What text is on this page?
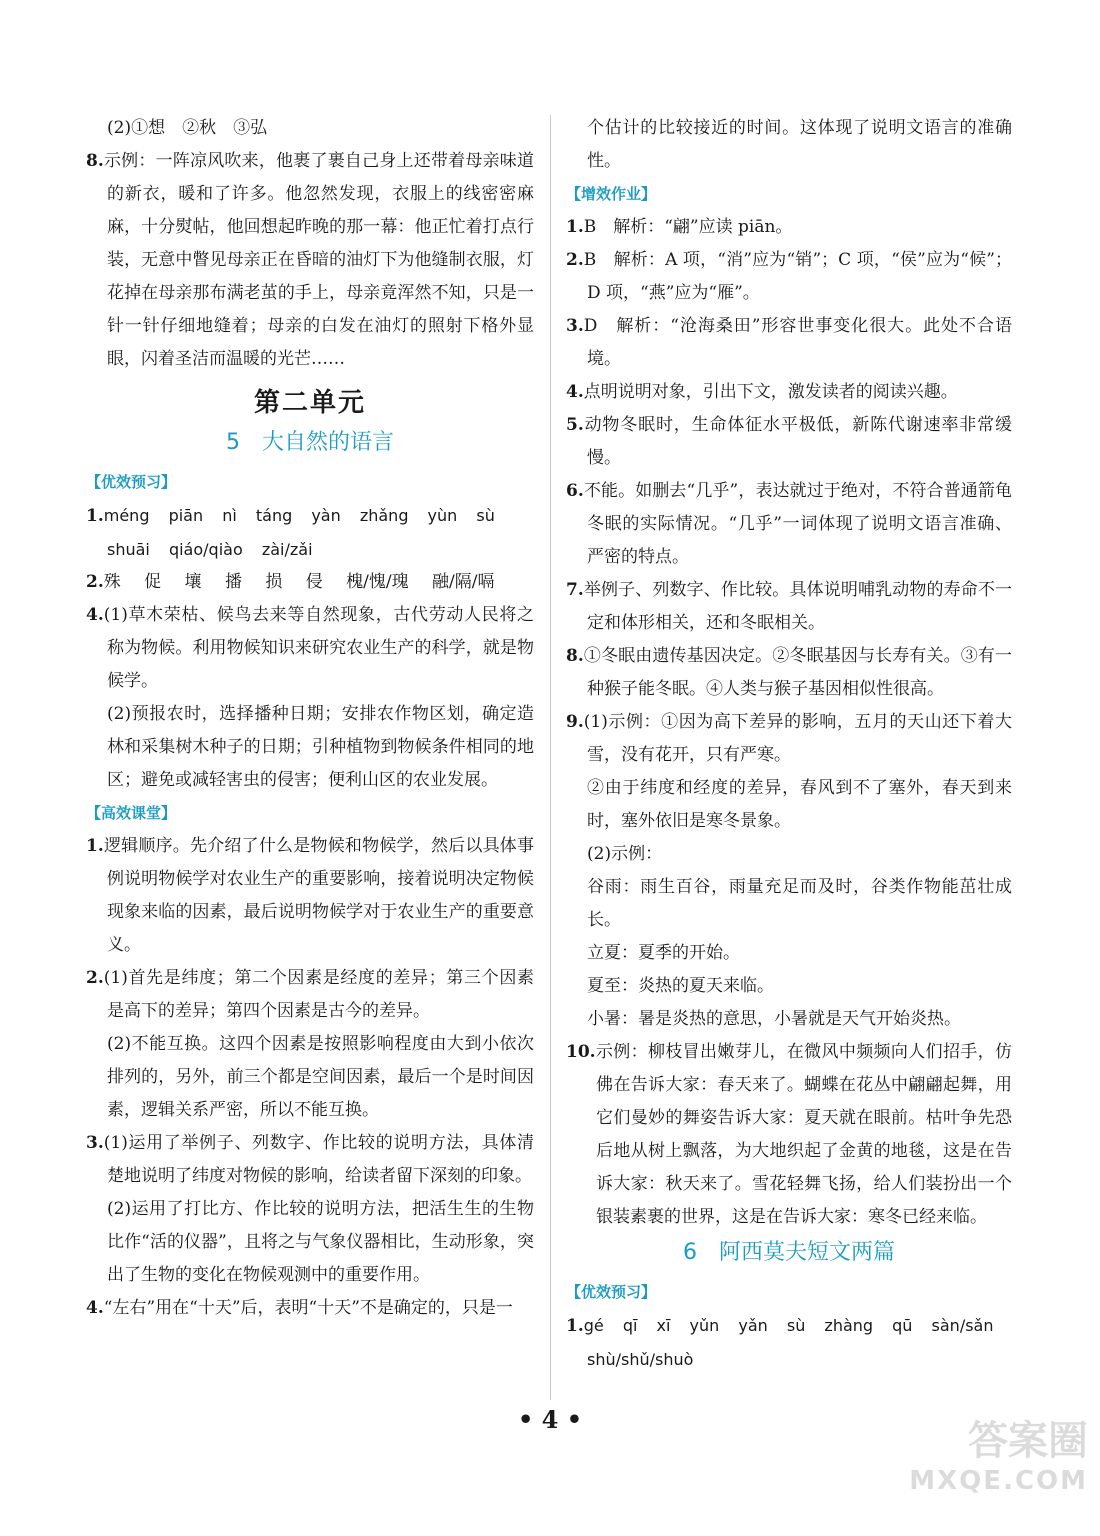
(2)①想　②秋　③弘

8.示例：一阵凉风吹来，他裹了裹自己身上还带着母亲味道的新衣，暖和了许多。他忽然发现，衣服上的线密密麻麻，十分熨帖，他回想起昨晚的那一幕：他正忙着打点行装，无意中瞥见母亲正在昏暗的油灯下为他缝制衣服，灯花掉在母亲那布满老茧的手上，母亲竟浑然不知，只是一针一针仔细地缝着；母亲的白发在油灯的照射下格外显眼，闪着圣洁而温暖的光芒……

第二单元

5 大自然的语言

【优效预习】

1.méng piān nì táng yàn zhǎng yùn sù

shuāi qiáo/qiào zài/zǎi

2.殊 促 壤 播 损 侵 槐/愧/瑰 融/隔/嗝

4.(1)草木荣枯、候鸟去来等自然现象，古代劳动人民将之称为物候。利用物候知识来研究农业生产的科学，就是物候学。

(2)预报农时，选择播种日期；安排农作物区划，确定造林和采集树木种子的日期；引种植物到物候条件相同的地区；避免或减轻害虫的侵害；便利山区的农业发展。

【高效课堂】

1.逻辑顺序。先介绍了什么是物候和物候学，然后以具体事例说明物候学对农业生产的重要影响，接着说明决定物候现象来临的因素，最后说明物候学对于农业生产的重要意义。

2.(1)首先是纬度；第二个因素是经度的差异；第三个因素是高下的差异；第四个因素是古今的差异。

(2)不能互换。这四个因素是按照影响程度由大到小依次排列的，另外，前三个都是空间因素，最后一个是时间因素，逻辑关系严密，所以不能互换。

3.(1)运用了举例子、列数字、作比较的说明方法，具体清楚地说明了纬度对物候的影响，给读者留下深刻的印象。

(2)运用了打比方、作比较的说明方法，把活生生的生物比作“活的仪器”，且将之与气象仪器相比，生动形象，突出了生物的变化在物候观测中的重要作用。

4.“左右”用在“十天”后，表明“十天”不是确定的，只是一

个估计的比较接近的时间。这体现了说明文语言的准确性。

【增效作业】

1.B　解析：“翩”应读 piān。

2.B　解析：A 项，“消”应为“销”；C 项，“侯”应为“候”；D 项，“燕”应为“雁”。

3.D　解析：“沧海桑田”形容世事变化很大。此处不合语境。

4.点明说明对象，引出下文，激发读者的阅读兴趣。

5.动物冬眠时，生命体征水平极低，新陈代谢速率非常缓慢。

6.不能。如删去“几乎”，表达就过于绝对，不符合普通箭龟冬眠的实际情况。“几乎”一词体现了说明文语言准确、严密的特点。

7.举例子、列数字、作比较。具体说明哺乳动物的寿命不一定和体形相关，还和冬眠相关。

8.①冬眠由遗传基因决定。②冬眠基因与长寿有关。③有一种猴子能冬眠。④人类与猴子基因相似性很高。

9.(1)示例：①因为高下差异的影响，五月的天山还下着大雪，没有花开，只有严寒。

②由于纬度和经度的差异，春风到不了塞外，春天到来时，塞外依旧是寒冬景象。

(2)示例：

谷雨：雨生百谷，雨量充足而及时，谷类作物能茁壮成长。

立夏：夏季的开始。

夏至：炎热的夏天来临。

小暑：暑是炎热的意思，小暑就是天气开始炎热。

10.示例：柳枝冒出嫩芽儿，在微风中频频向人们招手，仿佛在告诉大家：春天来了。蝴蝶在花丛中翩翩起舞，用它们曼妙的舞姿告诉大家：夏天就在眼前。枯叶争先恐后地从树上飘落，为大地织起了金黄的地毯，这是在告诉大家：秋天来了。雪花轻舞飞扬，给人们装扮出一个银装素裹的世界，这是在告诉大家：寒冬已经来临。

6 阿西莫夫短文两篇

【优效预习】

1.gé qī xī yǔn yǎn sù zhàng qū sàn/sǎn

shù/shǔ/shuò

• 4 •	答案圈
MXQE.COM
